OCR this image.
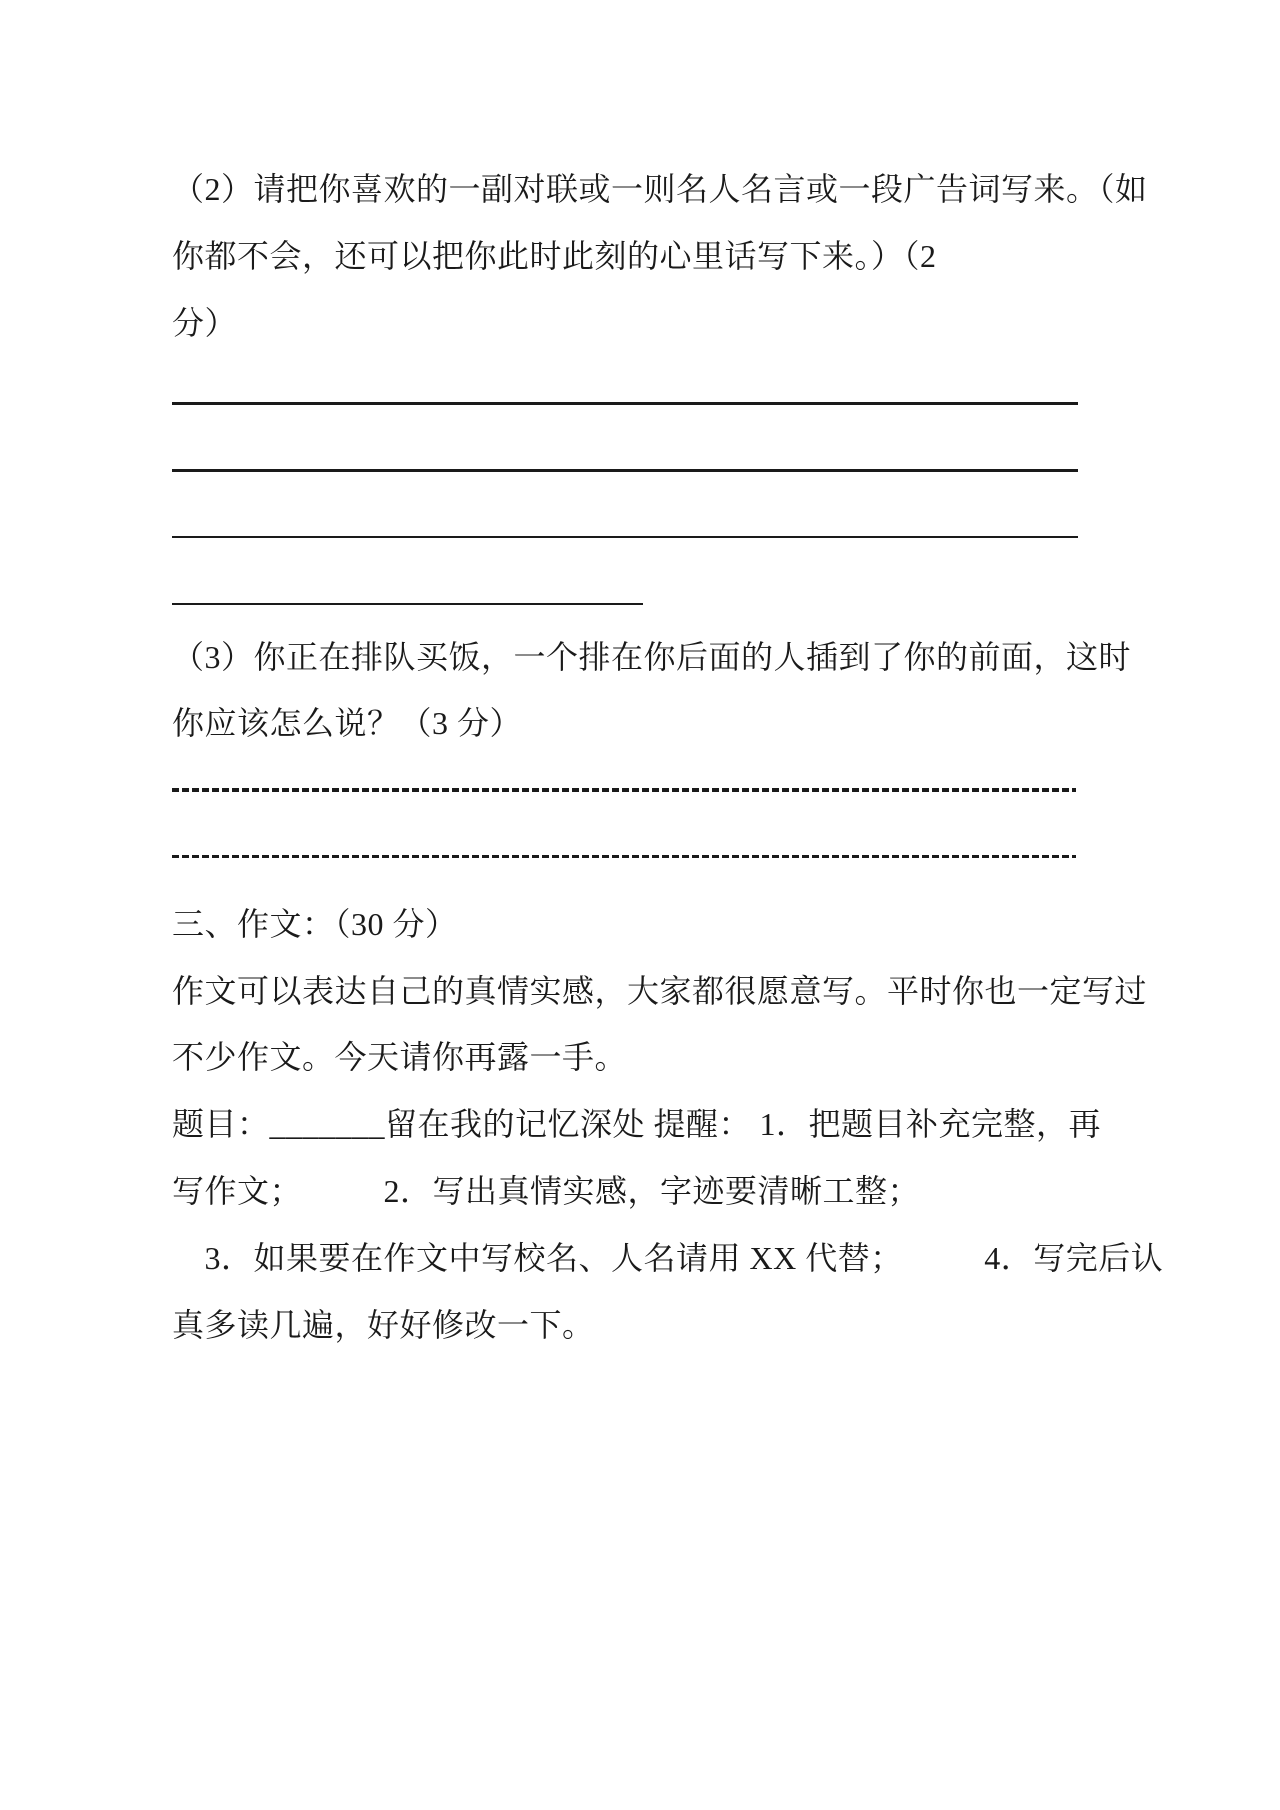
（2）请把你喜欢的一副对联或一则名人名言或一段广告词写来。（如
你都不会，还可以把你此时此刻的心里话写下来。）（2
分）
（3）你正在排队买饭，一个排在你后面的人插到了你的前面，这时
你应该怎么说？（3 分）
三、作文：（30 分）
作文可以表达自己的真情实感，大家都很愿意写。平时你也一定写过
不少作文。今天请你再露一手。
题目：_______留在我的记忆深处 提醒： 1．把题目补充完整，再
写作文；　　　2．写出真情实感，字迹要清晰工整；
　3．如果要在作文中写校名、人名请用 XX 代替；　　　4．写完后认
真多读几遍，好好修改一下。
